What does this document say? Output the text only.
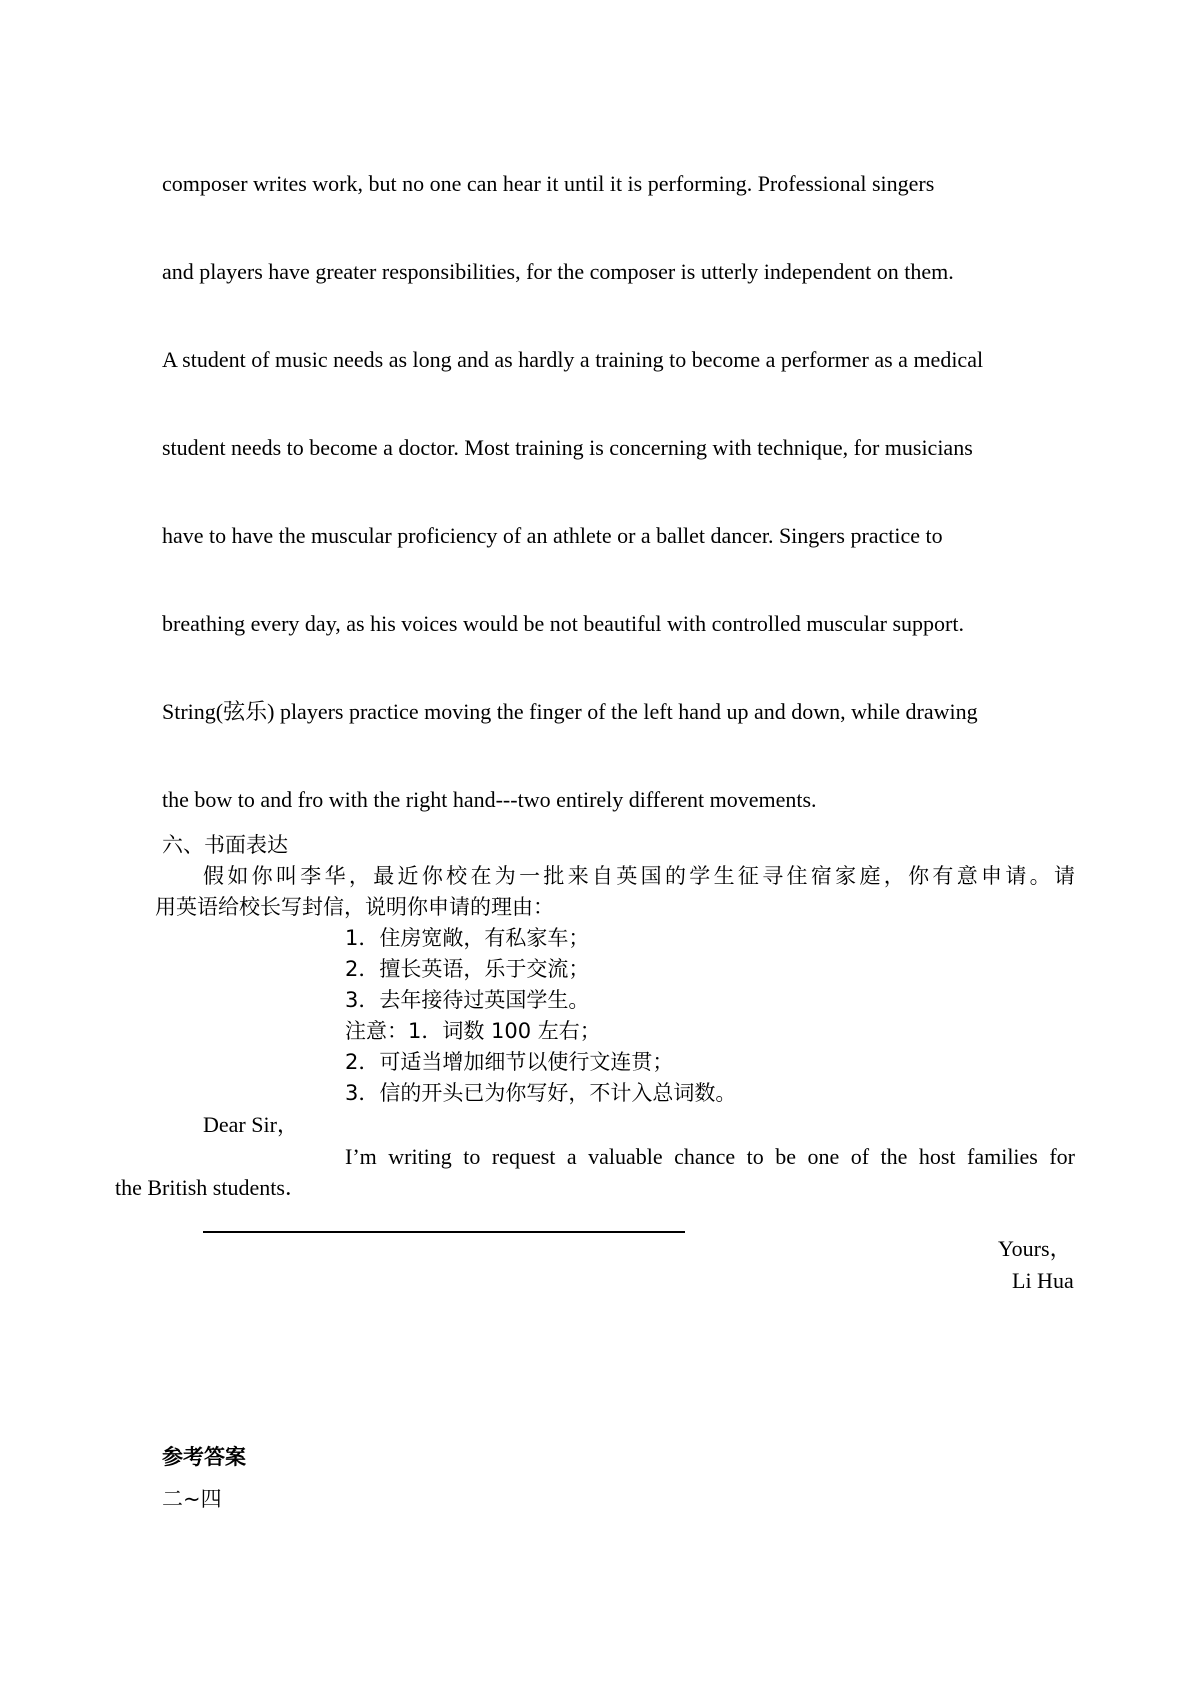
composer writes work, but no one can hear it until it is performing. Professional singers
and players have greater responsibilities, for the composer is utterly independent on them.
A student of music needs as long and as hardly a training to become a performer as a medical
student needs to become a doctor. Most training is concerning with technique, for musicians
have to have the muscular proficiency of an athlete or a ballet dancer. Singers practice to
breathing every day, as his voices would be not beautiful with controlled muscular support.
String(弦乐) players practice moving the finger of the left hand up and down, while drawing
the bow to and fro with the right hand---two entirely different movements.
六、书面表达
假如你叫李华，最近你校在为一批来自英国的学生征寻住宿家庭，你有意申请。请
用英语给校长写封信，说明你申请的理由：
1．住房宽敞，有私家车；
2．擅长英语，乐于交流；
3．去年接待过英国学生。
注意：1．词数 100 左右；
2．可适当增加细节以使行文连贯；
3．信的开头已为你写好，不计入总词数。
Dear Sir，
I’m writing to request a valuable chance to be one of the host families for
the British students．
Yours，
Li Hua
参考答案
二~四
